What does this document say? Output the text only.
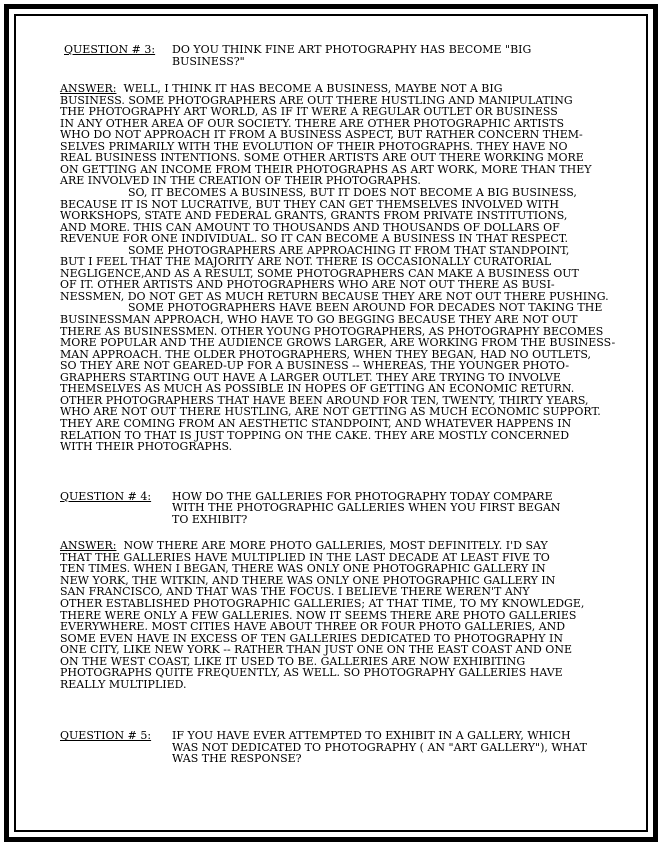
QUESTION # 3:	DO YOU THINK FINE ART PHOTOGRAPHY HAS BECOME "BIG
BUSINESS?"
ANSWER: WELL, I THINK IT HAS BECOME A BUSINESS, MAYBE NOT A BIG
BUSINESS. SOME PHOTOGRAPHERS ARE OUT THERE HUSTLING AND MANIPULATING
THE PHOTOGRAPHY ART WORLD, AS IF IT WERE A REGULAR OUTLET OR BUSINESS
IN ANY OTHER AREA OF OUR SOCIETY. THERE ARE OTHER PHOTOGRAPHIC ARTISTS
WHO DO NOT APPROACH IT FROM A BUSINESS ASPECT, BUT RATHER CONCERN THEM-
SELVES PRIMARILY WITH THE EVOLUTION OF THEIR PHOTOGRAPHS. THEY HAVE NO
REAL BUSINESS INTENTIONS. SOME OTHER ARTISTS ARE OUT THERE WORKING MORE
ON GETTING AN INCOME FROM THEIR PHOTOGRAPHS AS ART WORK, MORE THAN THEY
ARE INVOLVED IN THE CREATION OF THEIR PHOTOGRAPHS.
SO, IT BECOMES A BUSINESS, BUT IT DOES NOT BECOME A BIG BUSINESS,
BECAUSE IT IS NOT LUCRATIVE, BUT THEY CAN GET THEMSELVES INVOLVED WITH
WORKSHOPS, STATE AND FEDERAL GRANTS, GRANTS FROM PRIVATE INSTITUTIONS,
AND MORE. THIS CAN AMOUNT TO THOUSANDS AND THOUSANDS OF DOLLARS OF
REVENUE FOR ONE INDIVIDUAL. SO IT CAN BECOME A BUSINESS IN THAT RESPECT.
SOME PHOTOGRAPHERS ARE APPROACHING IT FROM THAT STANDPOINT,
BUT I FEEL THAT THE MAJORITY ARE NOT. THERE IS OCCASIONALLY CURATORIAL
NEGLIGENCE,AND AS A RESULT, SOME PHOTOGRAPHERS CAN MAKE A BUSINESS OUT
OF IT. OTHER ARTISTS AND PHOTOGRAPHERS WHO ARE NOT OUT THERE AS BUSI-
NESSMEN, DO NOT GET AS MUCH RETURN BECAUSE THEY ARE NOT OUT THERE PUSHING.
SOME PHOTOGRAPHERS HAVE BEEN AROUND FOR DECADES NOT TAKING THE
BUSINESSMAN APPROACH, WHO HAVE TO GO BEGGING BECAUSE THEY ARE NOT OUT
THERE AS BUSINESSMEN. OTHER YOUNG PHOTOGRAPHERS, AS PHOTOGRAPHY BECOMES
MORE POPULAR AND THE AUDIENCE GROWS LARGER, ARE WORKING FROM THE BUSINESS-
MAN APPROACH. THE OLDER PHOTOGRAPHERS, WHEN THEY BEGAN, HAD NO OUTLETS,
SO THEY ARE NOT GEARED-UP FOR A BUSINESS -- WHEREAS, THE YOUNGER PHOTO-
GRAPHERS STARTING OUT HAVE A LARGER OUTLET. THEY ARE TRYING TO INVOLVE
THEMSELVES AS MUCH AS POSSIBLE IN HOPES OF GETTING AN ECONOMIC RETURN.
OTHER PHOTOGRAPHERS THAT HAVE BEEN AROUND FOR TEN, TWENTY, THIRTY YEARS,
WHO ARE NOT OUT THERE HUSTLING, ARE NOT GETTING AS MUCH ECONOMIC SUPPORT.
THEY ARE COMING FROM AN AESTHETIC STANDPOINT, AND WHATEVER HAPPENS IN
RELATION TO THAT IS JUST TOPPING ON THE CAKE. THEY ARE MOSTLY CONCERNED
WITH THEIR PHOTOGRAPHS.
QUESTION # 4:	HOW DO THE GALLERIES FOR PHOTOGRAPHY TODAY COMPARE
WITH THE PHOTOGRAPHIC GALLERIES WHEN YOU FIRST BEGAN
TO EXHIBIT?
ANSWER: NOW THERE ARE MORE PHOTO GALLERIES, MOST DEFINITELY. I'D SAY
THAT THE GALLERIES HAVE MULTIPLIED IN THE LAST DECADE AT LEAST FIVE TO
TEN TIMES. WHEN I BEGAN, THERE WAS ONLY ONE PHOTOGRAPHIC GALLERY IN
NEW YORK, THE WITKIN, AND THERE WAS ONLY ONE PHOTOGRAPHIC GALLERY IN
SAN FRANCISCO, AND THAT WAS THE FOCUS. I BELIEVE THERE WEREN'T ANY
OTHER ESTABLISHED PHOTOGRAPHIC GALLERIES; AT THAT TIME, TO MY KNOWLEDGE,
THERE WERE ONLY A FEW GALLERIES. NOW IT SEEMS THERE ARE PHOTO GALLERIES
EVERYWHERE. MOST CITIES HAVE ABOUT THREE OR FOUR PHOTO GALLERIES, AND
SOME EVEN HAVE IN EXCESS OF TEN GALLERIES DEDICATED TO PHOTOGRAPHY IN
ONE CITY, LIKE NEW YORK -- RATHER THAN JUST ONE ON THE EAST COAST AND ONE
ON THE WEST COAST, LIKE IT USED TO BE. GALLERIES ARE NOW EXHIBITING
PHOTOGRAPHS QUITE FREQUENTLY, AS WELL. SO PHOTOGRAPHY GALLERIES HAVE
REALLY MULTIPLIED.
QUESTION # 5:	IF YOU HAVE EVER ATTEMPTED TO EXHIBIT IN A GALLERY, WHICH
WAS NOT DEDICATED TO PHOTOGRAPHY ( AN "ART GALLERY"), WHAT
WAS THE RESPONSE?
